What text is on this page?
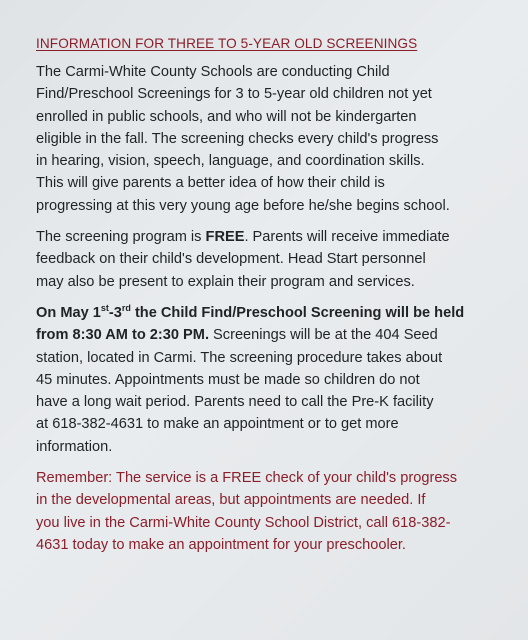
INFORMATION FOR THREE TO 5-YEAR OLD SCREENINGS

The Carmi-White County Schools are conducting Child
Find/Preschool Screenings for 3 to 5-year old children not yet
enrolled in public schools, and who will not be kindergarten
eligible in the fall. The screening checks every child's progress
in hearing, vision, speech, language, and coordination skills.
This will give parents a better idea of how their child is
progressing at this very young age before he/she begins school.

The screening program is FREE. Parents will receive immediate
feedback on their child's development. Head Start personnel
may also be present to explain their program and services.

On May 1st-3rd the Child Find/Preschool Screening will be held
from 8:30 AM to 2:30 PM. Screenings will be at the 404 Seed
station, located in Carmi. The screening procedure takes about
45 minutes. Appointments must be made so children do not
have a long wait period. Parents need to call the Pre-K facility
at 618-382-4631 to make an appointment or to get more
information.

Remember: The service is a FREE check of your child's progress
in the developmental areas, but appointments are needed. If
you live in the Carmi-White County School District, call 618-382-
4631 today to make an appointment for your preschooler.
